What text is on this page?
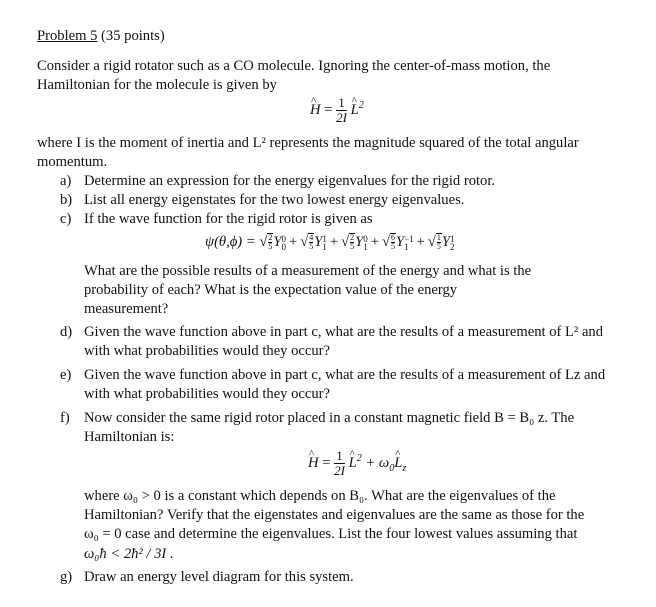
Problem 5 (35 points)
Consider a rigid rotator such as a CO molecule. Ignoring the center-of-mass motion, the
Hamiltonian for the molecule is given by
^ $H = \frac{1}{2I}$ ^ $L^2$
where I is the moment of inertia and L² represents the magnitude squared of the total angular
momentum.
a) Determine an expression for the energy eigenvalues for the rigid rotor.
b) List all energy eigenstates for the two lowest energy eigenvalues.
c) If the wave function for the rigid rotor is given as
ψ(θ,ϕ) = √ $\frac{2}{5}$ Y 0
0 + √ $\frac{4}{5}$ Y 1
1 + √ $\frac{2}{5}$ Y 0
1 + √ $\frac{6}{5}$ Y −1
1 + √ $\frac{1}{5}$ Y 1
2
What are the possible results of a measurement of the energy and what is the
probability of each? What is the expectation value of the energy
measurement?
d) Given the wave function above in part c, what are the results of a measurement of L² and
with what probabilities would they occur?
e) Given the wave function above in part c, what are the results of a measurement of Lz and
with what probabilities would they occur?
f) Now consider the same rigid rotor placed in a constant magnetic field B = B₀ z. The
Hamiltonian is:
^ $H = \frac{1}{2I}$ ^ $L^2$ + $\omega_0\^{}$ $L_z$
where ω₀ > 0 is a constant which depends on B₀. What are the eigenvalues of the
Hamiltonian? Verify that the eigenstates and eigenvalues are the same as those for the
ω₀ = 0 case and determine the eigenvalues. List the four lowest values assuming that
ω₀ħ < 2ħ² / 3I .
g) Draw an energy level diagram for this system.
